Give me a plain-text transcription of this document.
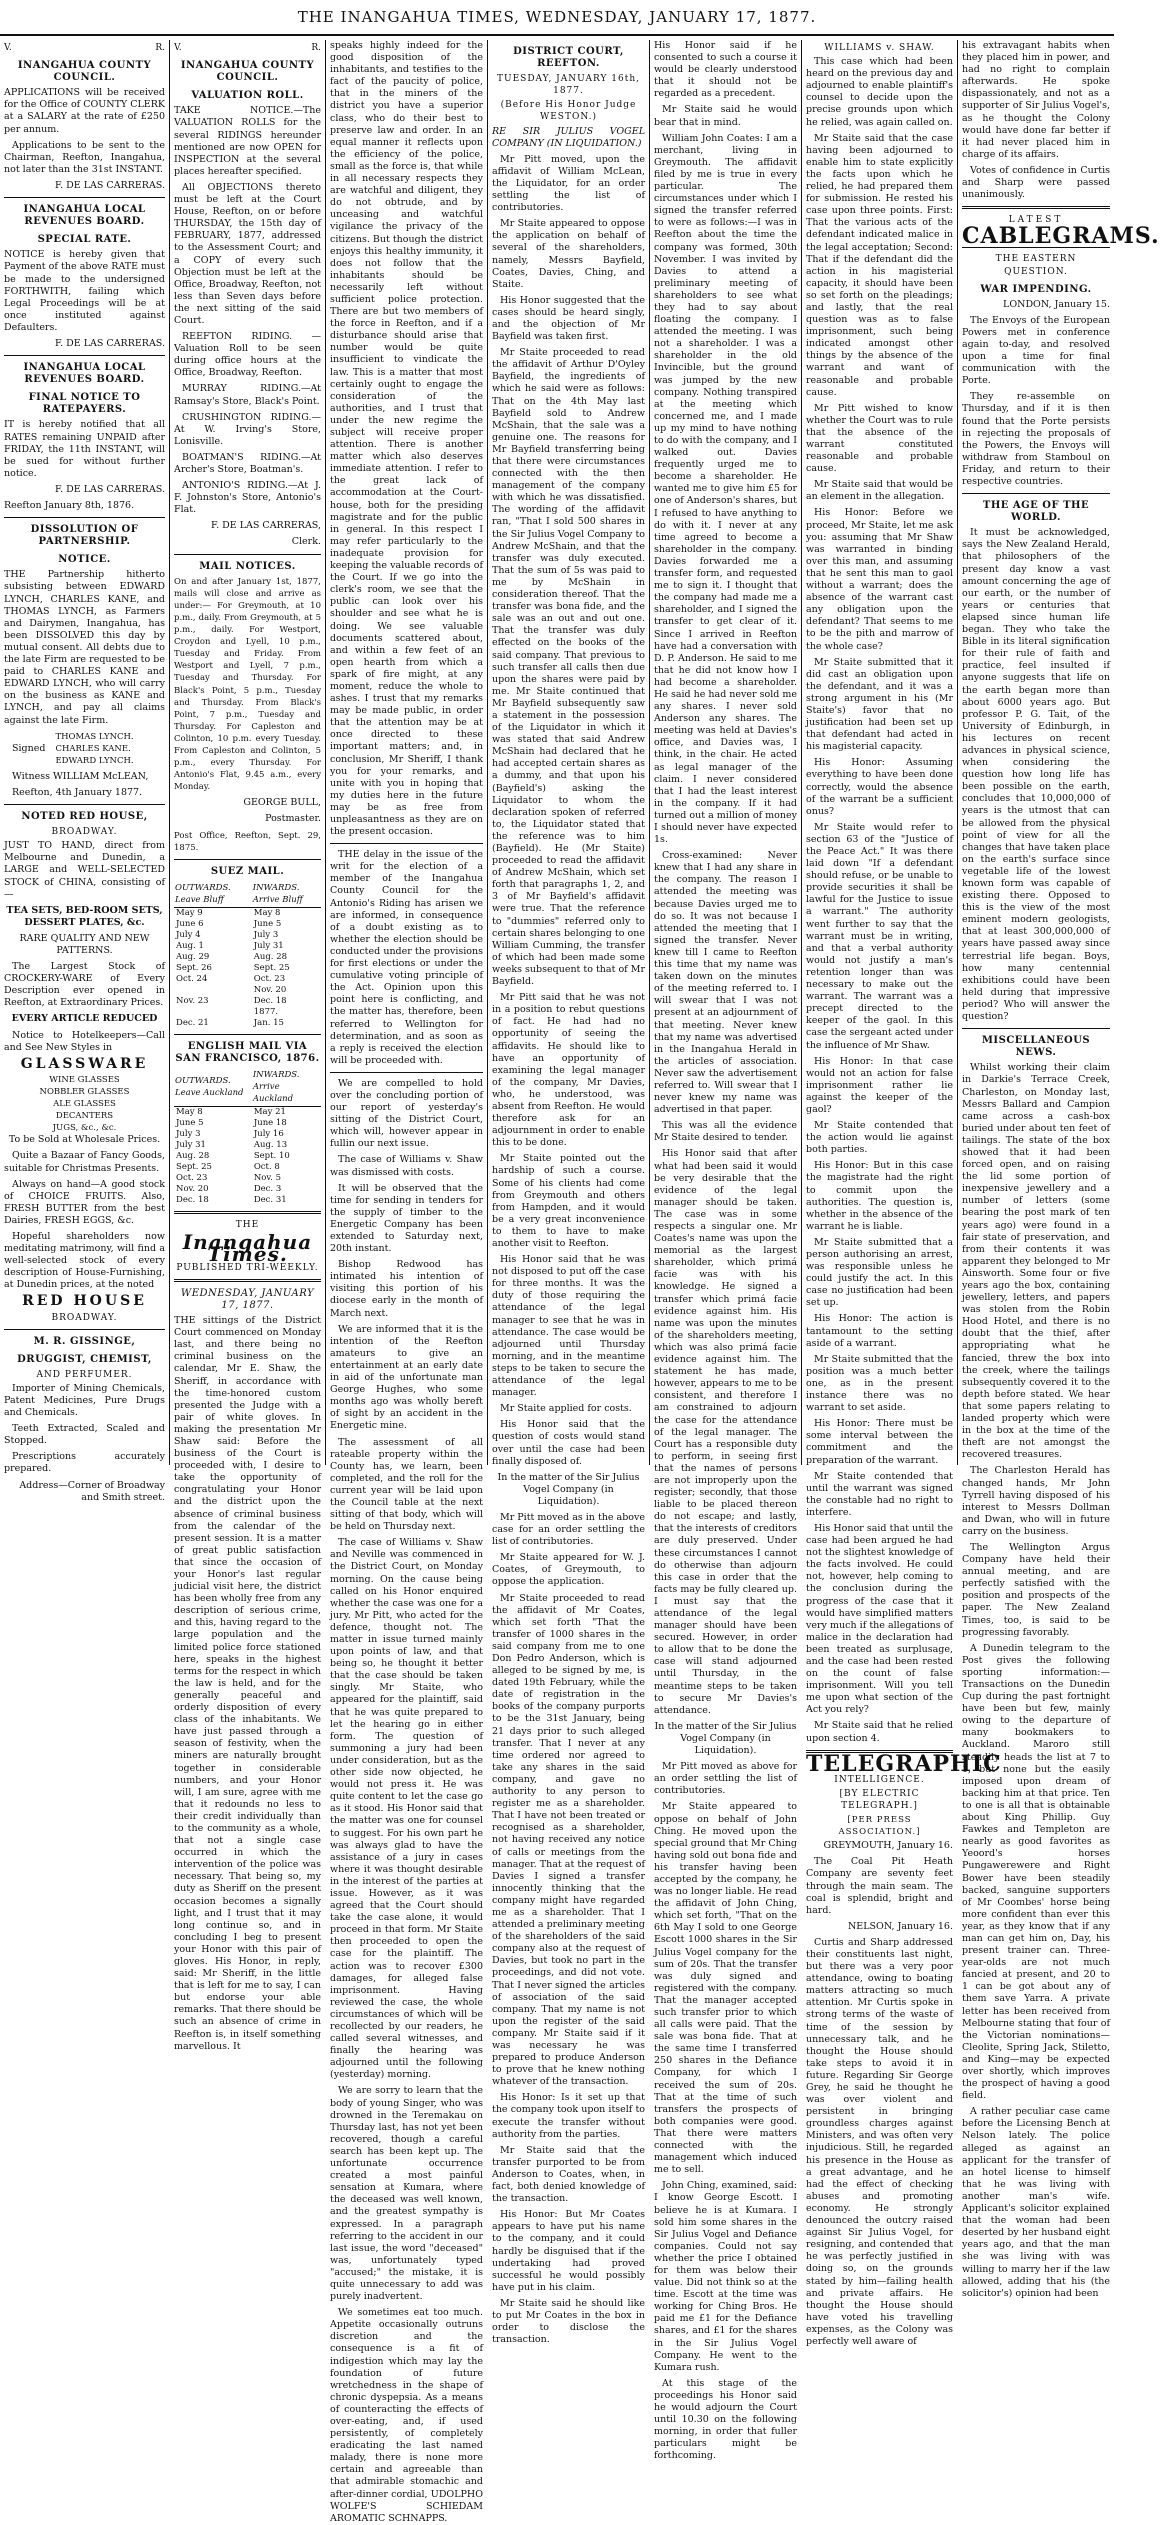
THE INANGAHUA TIMES, WEDNESDAY, JANUARY 17, 1877.
V.	R.
INANGAHUA COUNTY COUNCIL.

APPLICATIONS will be received for the Office of COUNTY CLERK at a SALARY at the rate of £250 per annum.

Applications to be sent to the Chairman, Reefton, Inangahua, not later than the 31st INSTANT.

F. DE LAS CARRERAS.

INANGAHUA LOCAL REVENUES BOARD.
SPECIAL RATE.

NOTICE is hereby given that Payment of the above RATE must be made to the undersigned FORTHWITH, failing which Legal Proceedings will be at once instituted against Defaulters.

F. DE LAS CARRERAS.

INANGAHUA LOCAL REVENUES BOARD.
FINAL NOTICE TO RATEPAYERS.

IT is hereby notified that all RATES remaining UNPAID after FRIDAY, the 11th INSTANT, will be sued for without further notice.

F. DE LAS CARRERAS.

Reefton January 8th, 1876.

DISSOLUTION OF PARTNERSHIP.
NOTICE.

THE Partnership hitherto subsisting between EDWARD LYNCH, CHARLES KANE, and THOMAS LYNCH, as Farmers and Dairymen, Inangahua, has been DISSOLVED this day by mutual consent. All debts due to the late Firm are requested to be paid to CHARLES KANE and EDWARD LYNCH, who will carry on the business as KANE and LYNCH, and pay all claims against the late Firm.

Signed
THOMAS LYNCH.
CHARLES KANE.
EDWARD LYNCH.

Witness WILLIAM McLEAN,

Reefton, 4th January 1877.

NOTED RED HOUSE,
BROADWAY.

JUST TO HAND, direct from Melbourne and Dunedin, a LARGE and WELL-SELECTED STOCK of CHINA, consisting of—

TEA SETS, BED-ROOM SETS, DESSERT PLATES, &c.

RARE QUALITY AND NEW PATTERNS.

The Largest Stock of CROCKERY-WARE of Every Description ever opened in Reefton, at Extraordinary Prices.

EVERY ARTICLE REDUCED

Notice to Hotelkeepers—Call and See New Styles in

GLASSWARE
WINE GLASSES
NOBBLER GLASSES
ALE GLASSES
DECANTERS
JUGS, &c., &c.

To be Sold at Wholesale Prices.

Quite a Bazaar of Fancy Goods, suitable for Christmas Presents.

Always on hand—A good stock of CHOICE FRUITS. Also, FRESH BUTTER from the best Dairies, FRESH EGGS, &c.

Hopeful shareholders now meditating matrimony, will find a well-selected stock of every description of House-Furnishing, at Dunedin prices, at the noted

RED HOUSE
BROADWAY.
M. R. GISSINGE,
DRUGGIST, CHEMIST,
AND PERFUMER.

Importer of Mining Chemicals, Patent Medicines, Pure Drugs and Chemicals.

Teeth Extracted, Scaled and Stopped.

Prescriptions accurately prepared.

Address—Corner of Broadway and Smith street.

V.	R.
INANGAHUA COUNTY COUNCIL.
VALUATION ROLL.

TAKE NOTICE.—The VALUATION ROLLS for the several RIDINGS hereunder mentioned are now OPEN for INSPECTION at the several places hereafter specified.

All OBJECTIONS thereto must be left at the Court House, Reefton, on or before THURSDAY, the 15th day of FEBRUARY, 1877, addressed to the Assessment Court; and a COPY of every such Objection must be left at the Office, Broadway, Reefton, not less than Seven days before the next sitting of the said Court.

REEFTON RIDING. — Valuation Roll to be seen during office hours at the Office, Broadway, Reefton.

MURRAY RIDING.—At Ramsay's Store, Black's Point.

CRUSHINGTON RIDING.—At W. Irving's Store, Lonisville.

BOATMAN'S RIDING.—At Archer's Store, Boatman's.

ANTONIO'S RIDING.—At J. F. Johnston's Store, Antonio's Flat.

F. DE LAS CARRERAS,

Clerk.

MAIL NOTICES.

On and after January 1st, 1877, mails will close and arrive as under:— For Greymouth, at 10 p.m., daily. From Greymouth, at 5 p.m., daily. For Westport, Croydon and Lyell, 10 p.m., Tuesday and Friday. From Westport and Lyell, 7 p.m., Tuesday and Thursday. For Black's Point, 5 p.m., Tuesday and Thursday. From Black's Point, 7 p.m., Tuesday and Thursday. For Capleston and Colinton, 10 p.m. every Tuesday. From Capleston and Colinton, 5 p.m., every Thursday. For Antonio's Flat, 9.45 a.m., every Monday.

GEORGE BULL,

Postmaster.

Post Office, Reefton, Sept. 29, 1875.

SUEZ MAIL.
OUTWARDS. Leave Bluff	INWARDS. Arrive Bluff
May 9	May 8
June 6	June 5
July 4	July 3
Aug. 1	July 31
Aug. 29	Aug. 28
Sept. 26	Sept. 25
Oct. 24	Oct. 23
	Nov. 20
Nov. 23	Dec. 18
	1877.
Dec. 21	Jan. 15
ENGLISH MAIL VIA SAN FRANCISCO, 1876.
OUTWARDS. Leave Auckland	INWARDS. Arrive Auckland
May 8	May 21
June 5	June 18
July 3	July 16
July 31	Aug. 13
Aug. 28	Sept. 10
Sept. 25	Oct. 8
Oct. 23	Nov. 5
Nov. 20	Dec. 3
Dec. 18	Dec. 31
THE
Inangahua Times.
PUBLISHED TRI-WEEKLY.
WEDNESDAY, JANUARY 17, 1877.

THE sittings of the District Court commenced on Monday last, and there being no criminal business on the calendar, Mr E. Shaw, the Sheriff, in accordance with the time-honored custom presented the Judge with a pair of white gloves. In making the presentation Mr Shaw said: Before the business of the Court is proceeded with, I desire to take the opportunity of congratulating your Honor and the district upon the absence of criminal business from the calendar of the present session. It is a matter of great public satisfaction that since the occasion of your Honor's last regular judicial visit here, the district has been wholly free from any description of serious crime, and this, having regard to the large population and the limited police force stationed here, speaks in the highest terms for the respect in which the law is held, and for the generally peaceful and orderly disposition of every class of the inhabitants. We have just passed through a season of festivity, when the miners are naturally brought together in considerable numbers, and your Honor will, I am sure, agree with me that it redounds no less to their credit individually than to the community as a whole, that not a single case occurred in which the intervention of the police was necessary. That being so, my duty as Sheriff on the present occasion becomes a signally light, and I trust that it may long continue so, and in concluding I beg to present your Honor with this pair of gloves. His Honor, in reply, said: Mr Sheriff, in the little that is left for me to say, I can but endorse your able remarks. That there should be such an absence of crime in Reefton is, in itself something marvellous. It

speaks highly indeed for the good disposition of the inhabitants, and testifies to the fact of the paucity of police, that in the miners of the district you have a superior class, who do their best to preserve law and order. In an equal manner it reflects upon the efficiency of the police, small as the force is, that while in all necessary respects they are watchful and diligent, they do not obtrude, and by unceasing and watchful vigilance the privacy of the citizens. But though the district enjoys this healthy immunity, it does not follow that the inhabitants should be necessarily left without sufficient police protection. There are but two members of the force in Reefton, and if a disturbance should arise that number would be quite insufficient to vindicate the law. This is a matter that most certainly ought to engage the consideration of the authorities, and I trust that under the new regime the subject will receive proper attention. There is another matter which also deserves immediate attention. I refer to the great lack of accommodation at the Court-house, both for the presiding magistrate and for the public in general. In this respect I may refer particularly to the inadequate provision for keeping the valuable records of the Court. If we go into the clerk's room, we see that the public can look over his shoulder and see what he is doing. We see valuable documents scattered about, and within a few feet of an open hearth from which a spark of fire might, at any moment, reduce the whole to ashes. I trust that my remarks may be made public, in order that the attention may be at once directed to these important matters; and, in conclusion, Mr Sheriff, I thank you for your remarks, and unite with you in hoping that my duties here in the future may be as free from unpleasantness as they are on the present occasion.

THE delay in the issue of the writ for the election of a member of the Inangahua County Council for the Antonio's Riding has arisen we are informed, in consequence of a doubt existing as to whether the election should be conducted under the provisions for first elections or under the cumulative voting principle of the Act. Opinion upon this point here is conflicting, and the matter has, therefore, been referred to Wellington for determination, and as soon as a reply is received the election will be proceeded with.

We are compelled to hold over the concluding portion of our report of yesterday's sitting of the District Court, which will, however appear in fullin our next issue.

The case of Williams v. Shaw was dismissed with costs.

It will be observed that the time for sending in tenders for the supply of timber to the Energetic Company has been extended to Saturday next, 20th instant.

Bishop Redwood has intimated his intention of visiting this portion of his diocese early in the month of March next.

We are informed that it is the intention of the Reefton amateurs to give an entertainment at an early date in aid of the unfortunate man George Hughes, who some months ago was wholly bereft of sight by an accident in the Energetic mine.

The assessment of all rateable property within the County has, we learn, been completed, and the roll for the current year will be laid upon the Council table at the next sitting of that body, which will be held on Thursday next.

The case of Williams v. Shaw and Neville was commenced in the District Court, on Monday morning. On the cause being called on his Honor enquired whether the case was one for a jury. Mr Pitt, who acted for the defence, thought not. The matter in issue turned mainly upon points of law, and that being so, he thought it better that the case should be taken singly. Mr Staite, who appeared for the plaintiff, said that he was quite prepared to let the hearing go in either form. The question of summoning a jury had been under consideration, but as the other side now objected, he would not press it. He was quite content to let the case go as it stood. His Honor said that the matter was one for counsel to suggest. For his own part he was always glad to have the assistance of a jury in cases where it was thought desirable in the interest of the parties at issue. However, as it was agreed that the Court should take the case alone, it would proceed in that form. Mr Staite then proceeded to open the case for the plaintiff. The action was to recover £300 damages, for alleged false imprisonment. Having reviewed the case, the whole circumstances of which will be recollected by our readers, he called several witnesses, and finally the hearing was adjourned until the following (yesterday) morning.

We are sorry to learn that the body of young Singer, who was drowned in the Teremakau on Thursday last, has not yet been recovered, though a careful search has been kept up. The unfortunate occurrence created a most painful sensation at Kumara, where the deceased was well known, and the greatest sympathy is expressed. In a paragraph referring to the accident in our last issue, the word "deceased" was, unfortunately typed "accused;" the mistake, it is quite unnecessary to add was purely inadvertent.

We sometimes eat too much. Appetite occasionally outruns discretion and the consequence is a fit of indigestion which may lay the foundation of future wretchedness in the shape of chronic dyspepsia. As a means of counteracting the effects of over-eating, and, if used persistently, of completely eradicating the last named malady, there is none more certain and agreeable than that admirable stomachic and after-dinner cordial, UDOLPHO WOLFE'S SCHIEDAM AROMATIC SCHNAPPS.

DISTRICT COURT, REEFTON.
TUESDAY, JANUARY 16th, 1877.
(Before His Honor Judge WESTON.)

RE SIR JULIUS VOGEL COMPANY (IN LIQUIDATION.)

Mr Pitt moved, upon the affidavit of William McLean, the Liquidator, for an order settling the list of contributories.

Mr Staite appeared to oppose the application on behalf of several of the shareholders, namely, Messrs Bayfield, Coates, Davies, Ching, and Staite.

His Honor suggested that the cases should be heard singly, and the objection of Mr Bayfield was taken first.

Mr Staite proceeded to read the affidavit of Arthur D'Oyley Bayfield, the ingredients of which he said were as follows: That on the 4th May last Bayfield sold to Andrew McShain, that the sale was a genuine one. The reasons for Mr Bayfield transferring being that there were circumstances connected with the then management of the company with which he was dissatisfied. The wording of the affidavit ran, "That I sold 500 shares in the Sir Julius Vogel Company to Andrew McShain, and that the transfer was duly executed. That the sum of 5s was paid to me by McShain in consideration thereof. That the transfer was bona fide, and the sale was an out and out one. That the transfer was duly effected on the books of the said company. That previous to such transfer all calls then due upon the shares were paid by me. Mr Staite continued that Mr Bayfield subsequently saw a statement in the possession of the Liquidator in which it was stated that said Andrew McShain had declared that he had accepted certain shares as a dummy, and that upon his (Bayfield's) asking the Liquidator to whom the declaration spoken of referred to, the Liquidator stated that the reference was to him (Bayfield). He (Mr Staite) proceeded to read the affidavit of Andrew McShain, which set forth that paragraphs 1, 2, and 3 of Mr Bayfield's affidavit were true. That the reference to "dummies" referred only to certain shares belonging to one William Cumming, the transfer of which had been made some weeks subsequent to that of Mr Bayfield.

Mr Pitt said that he was not in a position to rebut questions of fact. He had had no opportunity of seeing the affidavits. He should like to have an opportunity of examining the legal manager of the company, Mr Davies, who, he understood, was absent from Reefton. He would therefore ask for an adjournment in order to enable this to be done.

Mr Staite pointed out the hardship of such a course. Some of his clients had come from Greymouth and others from Hampden, and it would be a very great inconvenience to them to have to make another visit to Reefton.

His Honor said that he was not disposed to put off the case for three months. It was the duty of those requiring the attendance of the legal manager to see that he was in attendance. The case would be adjourned until Thursday morning, and in the meantime steps to be taken to secure the attendance of the legal manager.

Mr Staite applied for costs.

His Honor said that the question of costs would stand over until the case had been finally disposed of.

In the matter of the Sir Julius Vogel Company (in Liquidation).

Mr Pitt moved as in the above case for an order settling the list of contributories.

Mr Staite appeared for W. J. Coates, of Greymouth, to oppose the application.

Mr Staite proceeded to read the affidavit of Mr Coates, which set forth "That the transfer of 1000 shares in the said company from me to one Don Pedro Anderson, which is alleged to be signed by me, is dated 19th February, while the date of registration in the books of the company purports to be the 31st January, being 21 days prior to such alleged transfer. That I never at any time ordered nor agreed to take any shares in the said company, and gave no authority to any person to register me as a shareholder. That I have not been treated or recognised as a shareholder, not having received any notice of calls or meetings from the manager. That at the request of Davies I signed a transfer innocently thinking that the company might have regarded me as a shareholder. That I attended a preliminary meeting of the shareholders of the said company also at the request of Davies, but took no part in the proceedings, and did not vote. That I never signed the articles of association of the said company. That my name is not upon the register of the said company. Mr Staite said if it was necessary he was prepared to produce Anderson to prove that he knew nothing whatever of the transaction.

His Honor: Is it set up that the company took upon itself to execute the transfer without authority from the parties.

Mr Staite said that the transfer purported to be from Anderson to Coates, when, in fact, both denied knowledge of the transaction.

His Honor: But Mr Coates appears to have put his name to the company, and it could hardly be disguised that if the undertaking had proved successful he would possibly have put in his claim.

Mr Staite said he should like to put Mr Coates in the box in order to disclose the transaction.

His Honor said if he consented to such a course it would be clearly understood that it should not be regarded as a precedent.

Mr Staite said he would bear that in mind.

William John Coates: I am a merchant, living in Greymouth. The affidavit filed by me is true in every particular. The circumstances under which I signed the transfer referred to were as follows:—I was in Reefton about the time the company was formed, 30th November. I was invited by Davies to attend a preliminary meeting of shareholders to see what they had to say about floating the company. I attended the meeting. I was not a shareholder. I was a shareholder in the old Invincible, but the ground was jumped by the new company. Nothing transpired at the meeting which concerned me, and I made up my mind to have nothing to do with the company, and I walked out. Davies frequently urged me to become a shareholder. He wanted me to give him £5 for one of Anderson's shares, but I refused to have anything to do with it. I never at any time agreed to become a shareholder in the company. Davies forwarded me a transfer form, and requested me to sign it. I thought that the company had made me a shareholder, and I signed the transfer to get clear of it. Since I arrived in Reefton have had a conversation with D. P. Anderson. He said to me that he did not know how I had become a shareholder. He said he had never sold me any shares. I never sold Anderson any shares. The meeting was held at Davies's office, and Davies was, I think, in the chair. He acted as legal manager of the claim. I never considered that I had the least interest in the company. If it had turned out a million of money I should never have expected 1s.

Cross-examined: Never knew that I had any share in the company. The reason I attended the meeting was because Davies urged me to do so. It was not because I attended the meeting that I signed the transfer. Never knew till I came to Reefton this time that my name was taken down on the minutes of the meeting referred to. I will swear that I was not present at an adjournment of that meeting. Never knew that my name was advertised in the Inangahua Herald in the articles of association. Never saw the advertisement referred to. Will swear that I never knew my name was advertised in that paper.

This was all the evidence Mr Staite desired to tender.

His Honor said that after what had been said it would be very desirable that the evidence of the legal manager should be taken. The case was in some respects a singular one. Mr Coates's name was upon the memorial as the largest shareholder, which primá facie was with his knowledge. He signed a transfer which primá facie evidence against him. His name was upon the minutes of the shareholders meeting, which was also primá facie evidence against him. The statement he has made, however, appears to me to be consistent, and therefore I am constrained to adjourn the case for the attendance of the legal manager. The Court has a responsible duty to perform, in seeing first that the names of persons are not improperly upon the register; secondly, that those liable to be placed thereon do not escape; and lastly, that the interests of creditors are duly preserved. Under these circumstances I cannot do otherwise than adjourn this case in order that the facts may be fully cleared up. I must say that the attendance of the legal manager should have been secured. However, in order to allow that to be done the case will stand adjourned until Thursday, in the meantime steps to be taken to secure Mr Davies's attendance.

In the matter of the Sir Julius Vogel Company (in Liquidation).

Mr Pitt moved as above for an order settling the list of contributories.

Mr Staite appeared to oppose on behalf of John Ching. He moved upon the special ground that Mr Ching having sold out bona fide and his transfer having been accepted by the company, he was no longer liable. He read the affidavit of John Ching, which set forth, "That on the 6th May I sold to one George Escott 1000 shares in the Sir Julius Vogel company for the sum of 20s. That the transfer was duly signed and registered with the company. That the manager accepted such transfer prior to which all calls were paid. That the sale was bona fide. That at the same time I transferred 250 shares in the Defiance Company, for which I received the sum of 20s. That at the time of such transfers the prospects of both companies were good. That there were matters connected with the management which induced me to sell.

John Ching, examined, said: I know George Escott. I believe he is at Kumara. I sold him some shares in the Sir Julius Vogel and Defiance companies. Could not say whether the price I obtained for them was below their value. Did not think so at the time. Escott at the time was working for Ching Bros. He paid me £1 for the Defiance shares, and £1 for the shares in the Sir Julius Vogel Company. He went to the Kumara rush.

At this stage of the proceedings his Honor said he would adjourn the Court until 10.30 on the following morning, in order that fuller particulars might be forthcoming.

WILLIAMS v. SHAW.

This case which had been heard on the previous day and adjourned to enable plaintiff's counsel to decide upon the precise grounds upon which he relied, was again called on.

Mr Staite said that the case having been adjourned to enable him to state explicitly the facts upon which he relied, he had prepared them for submission. He rested his case upon three points. First: That the various acts of the defendant indicated malice in the legal acceptation; Second: That if the defendant did the action in his magisterial capacity, it should have been so set forth on the pleadings; and lastly, that the real question was as to false imprisonment, such being indicated amongst other things by the absence of the warrant and want of reasonable and probable cause.

Mr Pitt wished to know whether the Court was to rule that the absence of the warrant constituted reasonable and probable cause.

Mr Staite said that would be an element in the allegation.

His Honor: Before we proceed, Mr Staite, let me ask you: assuming that Mr Shaw was warranted in binding over this man, and assuming that he sent this man to gaol without a warrant; does the absence of the warrant cast any obligation upon the defendant? That seems to me to be the pith and marrow of the whole case?

Mr Staite submitted that it did cast an obligation upon the defendant, and it was a strong argument in his (Mr Staite's) favor that no justification had been set up that defendant had acted in his magisterial capacity.

His Honor: Assuming everything to have been done correctly, would the absence of the warrant be a sufficient onus?

Mr Staite would refer to section 63 of the "Justice of the Peace Act." It was there laid down "If a defendant should refuse, or be unable to provide securities it shall be lawful for the Justice to issue a warrant." The authority went further to say that the warrant must be in writing, and that a verbal authority would not justify a man's retention longer than was necessary to make out the warrant. The warrant was a precept directed to the keeper of the gaol. In this case the sergeant acted under the influence of Mr Shaw.

His Honor: In that case would not an action for false imprisonment rather lie against the keeper of the gaol?

Mr Staite contended that the action would lie against both parties.

His Honor: But in this case the magistrate had the right to commit upon the authorities. The question is, whether in the absence of the warrant he is liable.

Mr Staite submitted that a person authorising an arrest, was responsible unless he could justify the act. In this case no justification had been set up.

His Honor: The action is tantamount to the setting aside of a warrant.

Mr Staite submitted that the position was a much better one, as in the present instance there was no warrant to set aside.

His Honor: There must be some interval between the commitment and the preparation of the warrant.

Mr Staite contended that until the warrant was signed the constable had no right to interfere.

His Honor said that until the case had been argued he had not the slightest knowledge of the facts involved. He could not, however, help coming to the conclusion during the progress of the case that it would have simplified matters very much if the allegations of malice in the declaration had been treated as surplusage, and the case had been rested on the count of false imprisonment. Will you tell me upon what section of the Act you rely?

Mr Staite said that he relied upon section 4.

TELEGRAPHIC
INTELLIGENCE.
[BY ELECTRIC TELEGRAPH.]
[PER PRESS ASSOCIATION.]

GREYMOUTH, January 16.

The Coal Pit Heath Company are seventy feet through the main seam. The coal is splendid, bright and hard.

NELSON, January 16.

Curtis and Sharp addressed their constituents last night, but there was a very poor attendance, owing to boating matters attracting so much attention. Mr Curtis spoke in strong terms of the waste of time of the session by unnecessary talk, and he thought the House should take steps to avoid it in future. Regarding Sir George Grey, he said he thought he was over violent and persistent in bringing groundless charges against Ministers, and was often very injudicious. Still, he regarded his presence in the House as a great advantage, and he had the effect of checking abuses and promoting economy. He strongly denounced the outcry raised against Sir Julius Vogel, for resigning, and contended that he was perfectly justified in doing so, on the grounds stated by him—failing health and private affairs. He thought the House should have voted his travelling expenses, as the Colony was perfectly well aware of

his extravagant habits when they placed him in power, and had no right to complain afterwards. He spoke dispassionately, and not as a supporter of Sir Julius Vogel's, as he thought the Colony would have done far better if it had never placed him in charge of its affairs.

Votes of confidence in Curtis and Sharp were passed unanimously.

LATEST
CABLEGRAMS.
THE EASTERN QUESTION.
WAR IMPENDING.

LONDON, January 15.

The Envoys of the European Powers met in conference again to-day, and resolved upon a time for final communication with the Porte.

They re-assemble on Thursday, and if it is then found that the Porte persists in rejecting the proposals of the Powers, the Envoys will withdraw from Stamboul on Friday, and return to their respective countries.

THE AGE OF THE WORLD.

It must be acknowledged, says the New Zealand Herald, that philosophers of the present day know a vast amount concerning the age of our earth, or the number of years or centuries that elapsed since human life began. They who take the Bible in its literal signification for their rule of faith and practice, feel insulted if anyone suggests that life on the earth began more than about 6000 years ago. But professor P. G. Tait, of the University of Edinburgh, in his lectures on recent advances in physical science, when considering the question how long life has been possible on the earth, concludes that 10,000,000 of years is the utmost that can be allowed from the physical point of view for all the changes that have taken place on the earth's surface since vegetable life of the lowest known form was capable of existing there. Opposed to this is the view of the most eminent modern geologists, that at least 300,000,000 of years have passed away since terrestrial life began. Boys, how many centennial exhibitions could have been held during that impressive period? Who will answer the question?

MISCELLANEOUS NEWS.

Whilst working their claim in Darkie's Terrace Creek, Charleston, on Monday last, Messrs Ballard and Campion came across a cash-box buried under about ten feet of tailings. The state of the box showed that it had been forced open, and on raising the lid some portion of inexpensive jewellery and a number of letters (some bearing the post mark of ten years ago) were found in a fair state of preservation, and from their contents it was apparent they belonged to Mr Ainsworth. Some four or five years ago the box, containing jewellery, letters, and papers was stolen from the Robin Hood Hotel, and there is no doubt that the thief, after appropriating what he fancied, threw the box into the creek, where the tailings subsequently covered it to the depth before stated. We hear that some papers relating to landed property which were in the box at the time of the theft are not amongst the recovered treasures.

The Charleston Herald has changed hands, Mr John Tyrrell having disposed of his interest to Messrs Dollman and Dwan, who will in future carry on the business.

The Wellington Argus Company have held their annual meeting, and are perfectly satisfied with the position and prospects of the paper. The New Zealand Times, too, is said to be progressing favorably.

A Dunedin telegram to the Post gives the following sporting information:—Transactions on the Dunedin Cup during the past fortnight have been but few, mainly owing to the departure of many bookmakers to Auckland. Maroro still steadily heads the list at 7 to 1, but none but the easily imposed upon dream of backing him at that price. Ten to one is all that is obtainable about King Phillip. Guy Fawkes and Templeton are nearly as good favorites as Yeoord's horses Pungawerewere and Right Bower have been steadily backed, sanguine supporters of Mr Coombes' horse being more confident than ever this year, as they know that if any man can get him on, Day, his present trainer can. Three-year-olds are not much fancied at present, and 20 to 1 can be got about any of them save Yarra. A private letter has been received from Melbourne stating that four of the Victorian nominations—Cleolite, Spring Jack, Stiletto, and King—may be expected over shortly, which improves the prospect of having a good field.

A rather peculiar case came before the Licensing Bench at Nelson lately. The police alleged as against an applicant for the transfer of an hotel license to himself that he was living with another man's wife. Applicant's solicitor explained that the woman had been deserted by her husband eight years ago, and that the man she was living with was willing to marry her if the law allowed, adding that his (the solicitor's) opinion had been
